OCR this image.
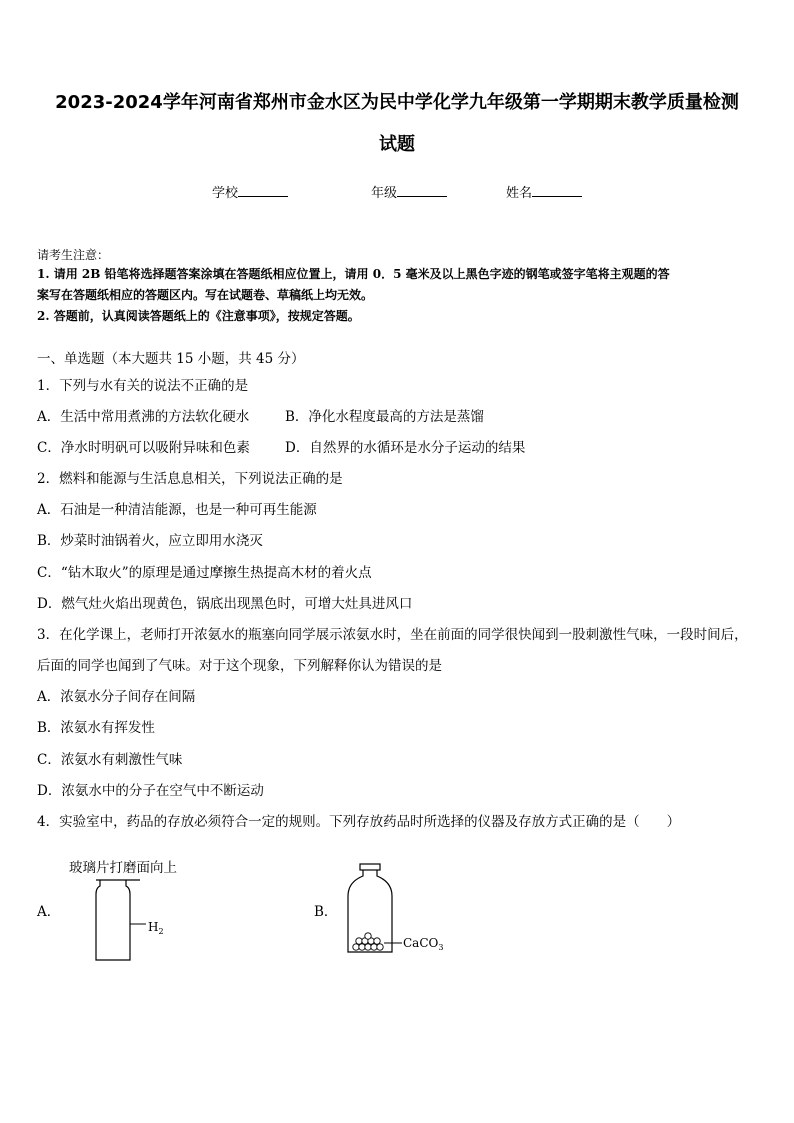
2023-2024学年河南省郑州市金水区为民中学化学九年级第一学期期末教学质量检测
试题
学校	年级	姓名
请考生注意：
1. 请用 2B 铅笔将选择题答案涂填在答题纸相应位置上，请用 0．5 毫米及以上黑色字迹的钢笔或签字笔将主观题的答
案写在答题纸相应的答题区内。写在试题卷、草稿纸上均无效。
2. 答题前，认真阅读答题纸上的《注意事项》，按规定答题。
一、单选题（本大题共 15 小题，共 45 分）
1．下列与水有关的说法不正确的是
A．生活中常用煮沸的方法软化硬水	B．净化水程度最高的方法是蒸馏
C．净水时明矾可以吸附异味和色素	D．自然界的水循环是水分子运动的结果
2．燃料和能源与生活息息相关，下列说法正确的是
A．石油是一种清洁能源，也是一种可再生能源
B．炒菜时油锅着火，应立即用水浇灭
C．“钻木取火”的原理是通过摩擦生热提高木材的着火点
D．燃气灶火焰出现黄色，锅底出现黑色时，可增大灶具进风口
3．在化学课上，老师打开浓氨水的瓶塞向同学展示浓氨水时，坐在前面的同学很快闻到一股刺激性气味，一段时间后，
后面的同学也闻到了气味。对于这个现象，下列解释你认为错误的是
A．浓氨水分子间存在间隔
B．浓氨水有挥发性
C．浓氨水有刺激性气味
D．浓氨水中的分子在空气中不断运动
4．实验室中，药品的存放必须符合一定的规则。下列存放药品时所选择的仪器及存放方式正确的是（　　）
A．
玻璃片打磨面向上
$H_2$
B．
CaCO$_3$
